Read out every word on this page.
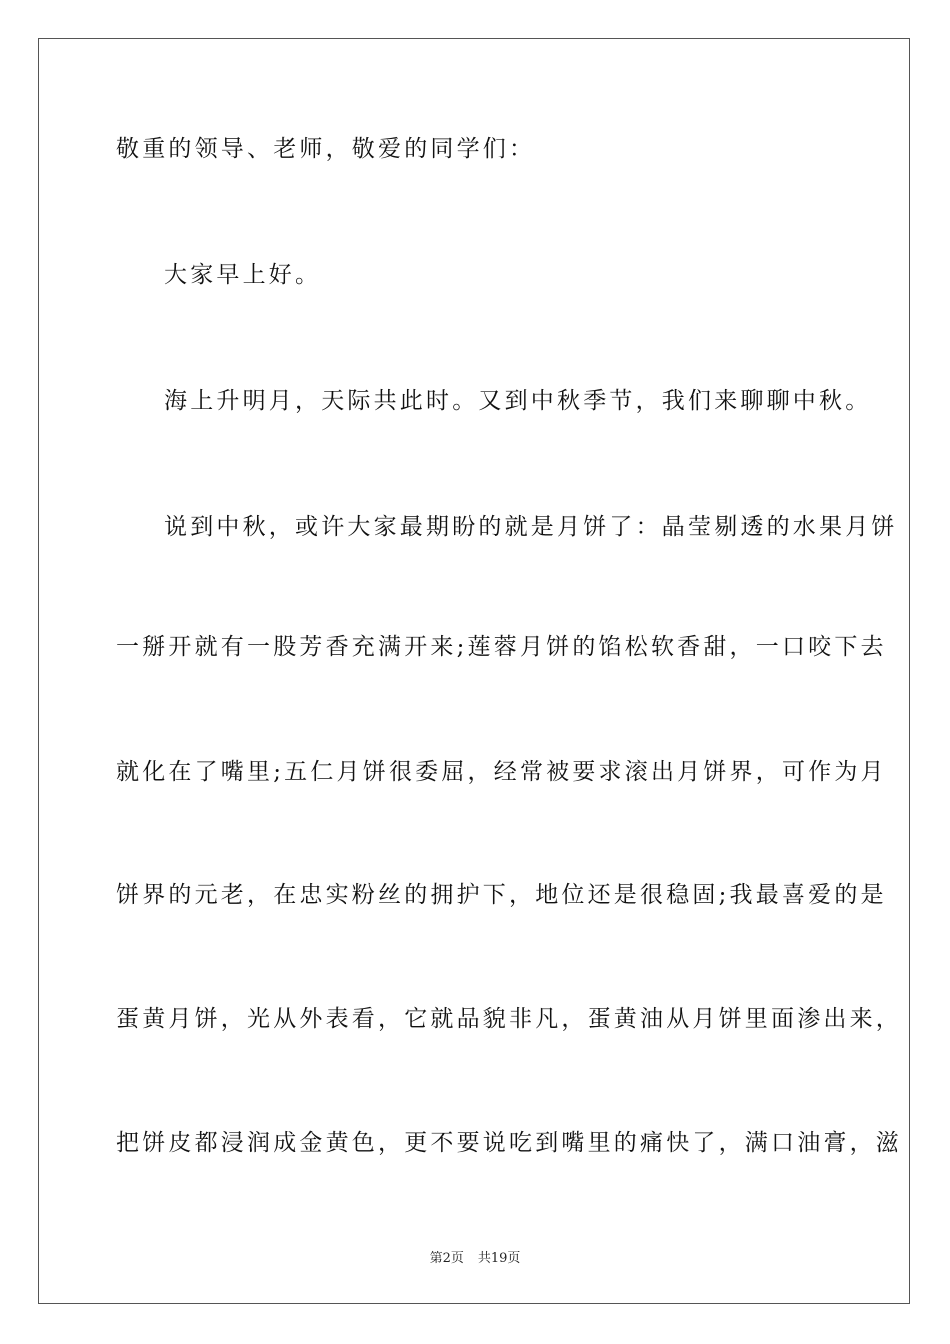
敬重的领导、老师，敬爱的同学们：
大家早上好。
海上升明月，天际共此时。又到中秋季节，我们来聊聊中秋。
说到中秋，或许大家最期盼的就是月饼了：晶莹剔透的水果月饼
一掰开就有一股芳香充满开来;莲蓉月饼的馅松软香甜，一口咬下去
就化在了嘴里;五仁月饼很委屈，经常被要求滚出月饼界，可作为月
饼界的元老，在忠实粉丝的拥护下，地位还是很稳固;我最喜爱的是
蛋黄月饼，光从外表看，它就品貌非凡，蛋黄油从月饼里面渗出来，
把饼皮都浸润成金黄色，更不要说吃到嘴里的痛快了，满口油膏，滋
第2页 共19页
